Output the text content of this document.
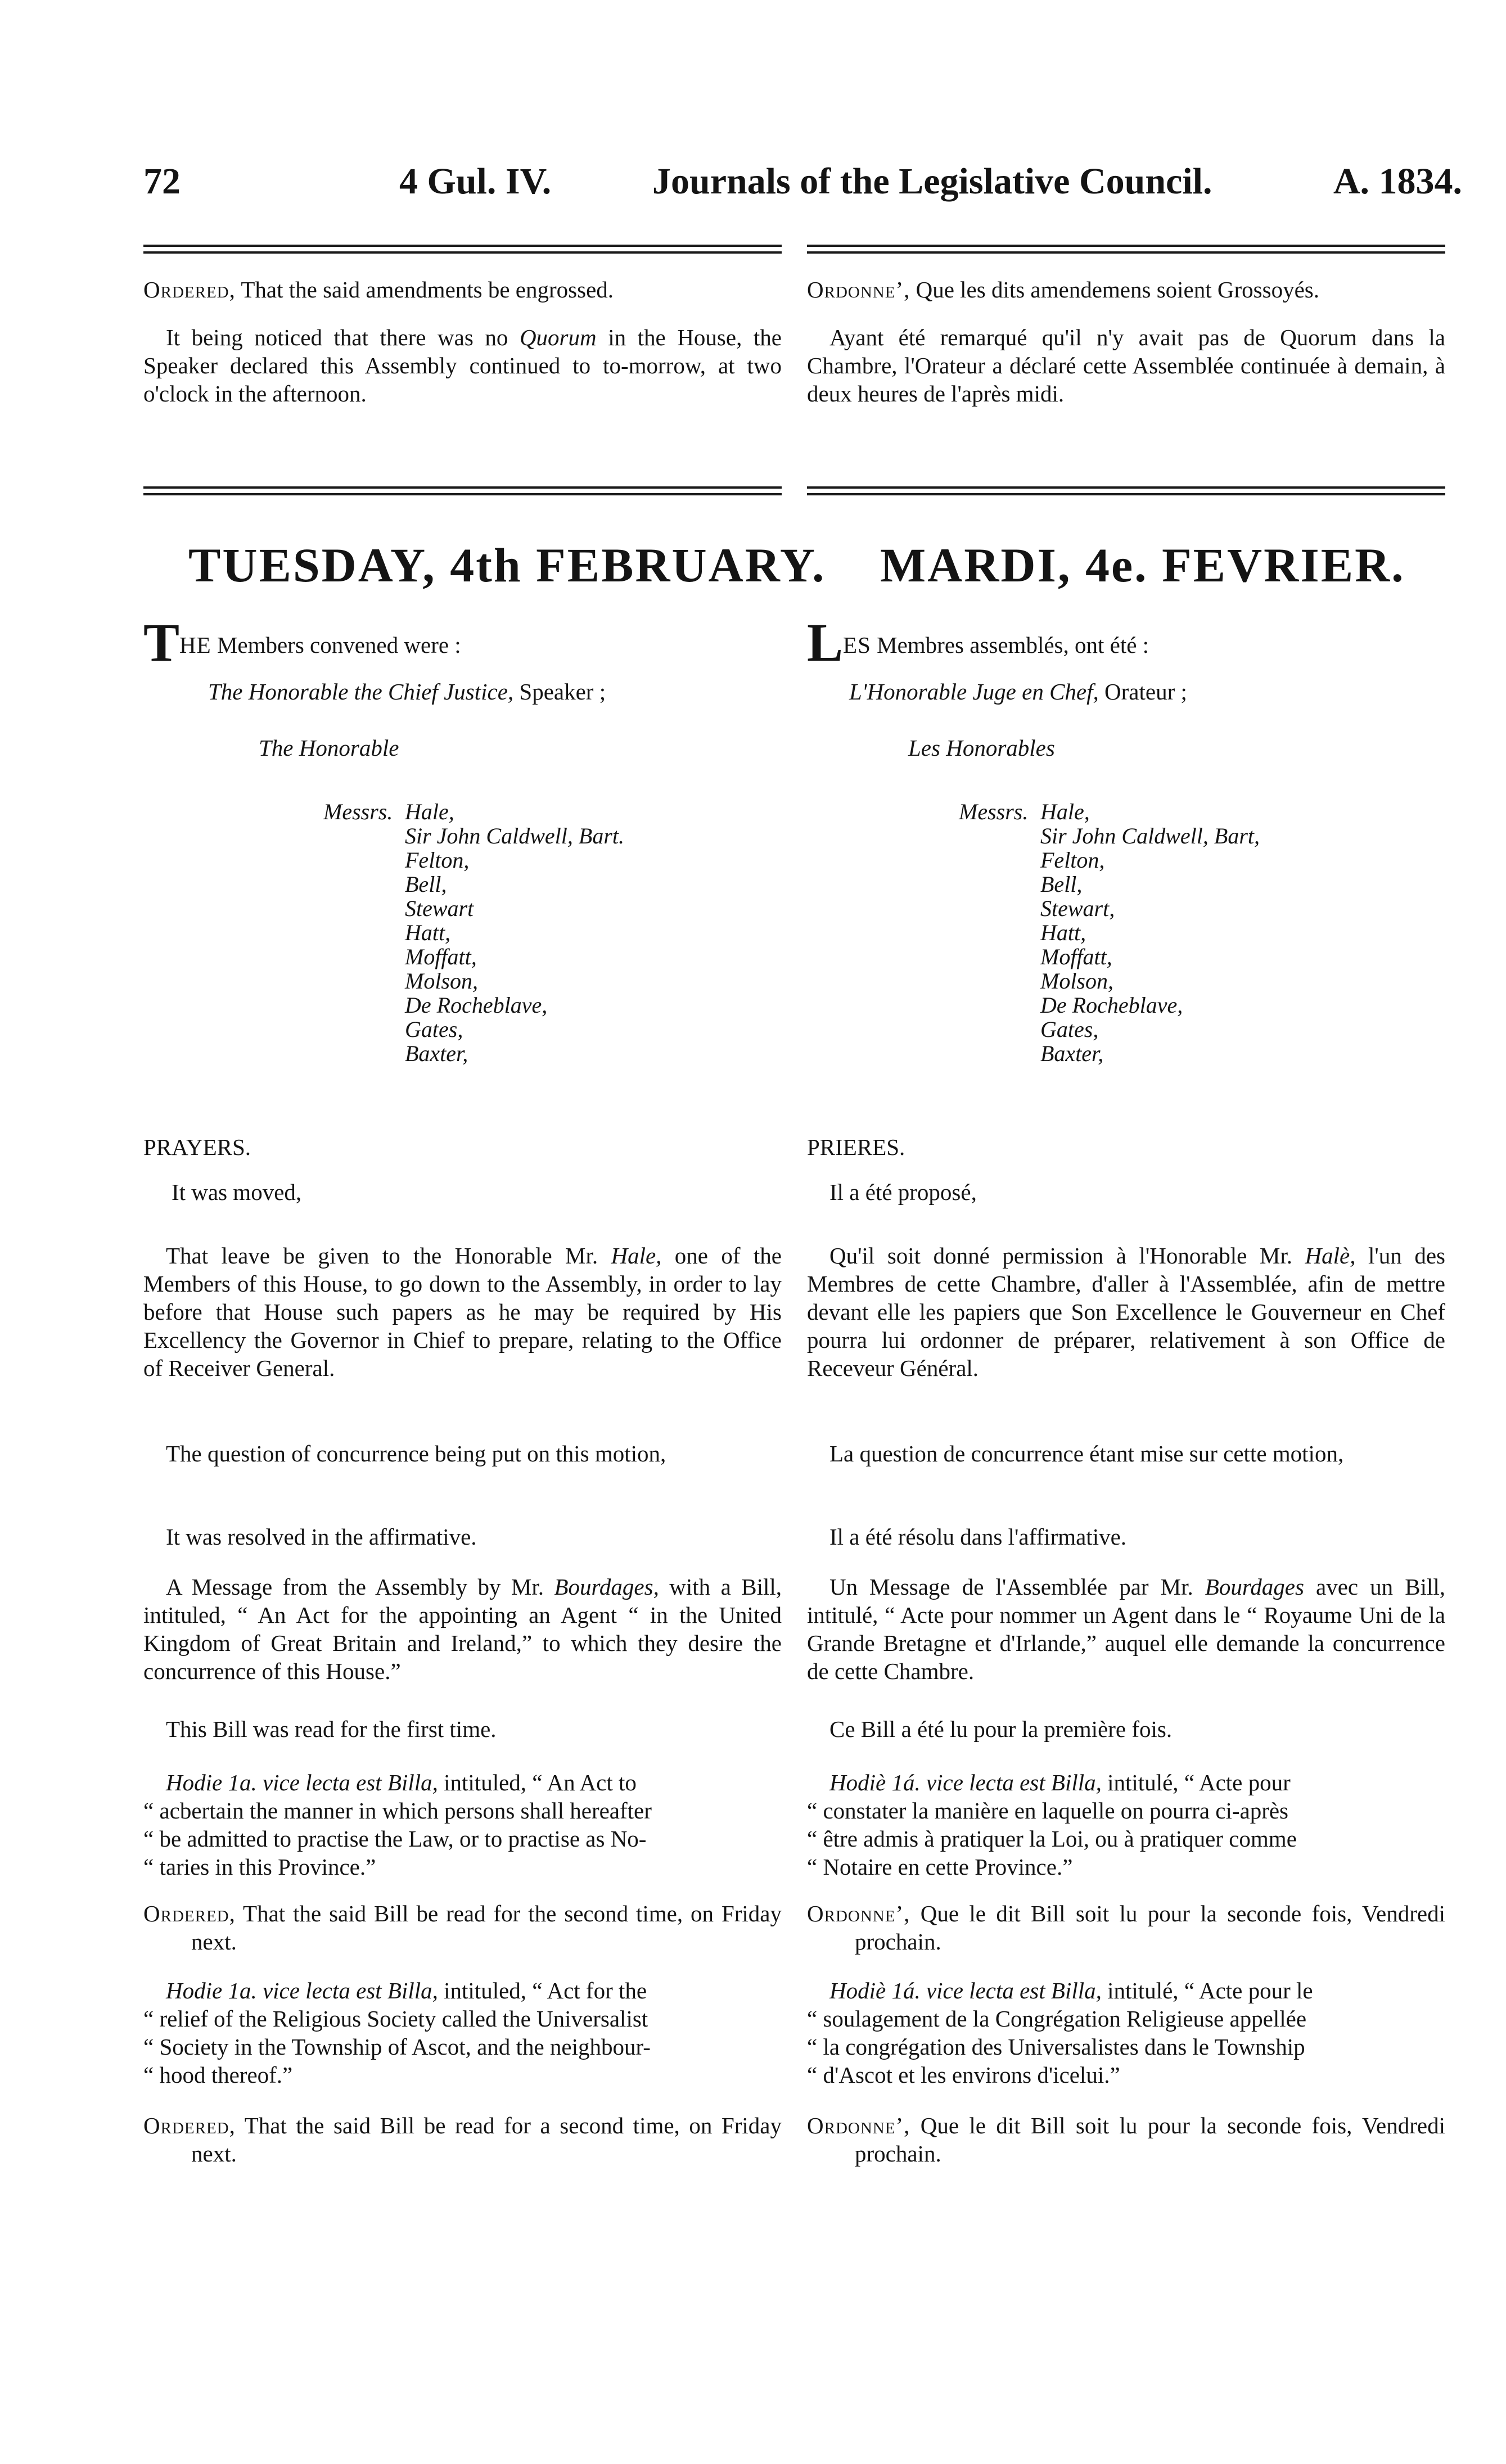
72	4 Gul. IV.	Journals of the Legislative Council.	A. 1834.

Ordered, That the said amendments be engrossed.

It being noticed that there was no Quorum in the House, the Speaker declared this Assembly continued to to-morrow, at two o'clock in the afternoon.

TUESDAY, 4th FEBRUARY.

THE Members convened were :

The Honorable the Chief Justice, Speaker ;

The Honorable
Messrs. Hale,
Sir John Caldwell, Bart.
Felton,
Bell,
Stewart
Hatt,
Moffatt,
Molson,
De Rocheblave,
Gates,
Baxter,
PRAYERS.
It was moved,

That leave be given to the Honorable Mr. Hale, one of the Members of this House, to go down to the Assembly, in order to lay before that House such papers as he may be required by His Excellency the Governor in Chief to prepare, relating to the Office of Receiver General.

The question of concurrence being put on this motion,

It was resolved in the affirmative.

A Message from the Assembly by Mr. Bourdages, with a Bill, intituled, “ An Act for the appointing an Agent “ in the United Kingdom of Great Britain and Ireland,” to which they desire the concurrence of this House.”

This Bill was read for the first time.

Hodie 1a. vice lecta est Billa, intituled, “ An Act to
“ acbertain the manner in which persons shall hereafter
“ be admitted to practise the Law, or to practise as No-
“ taries in this Province.”

Ordered, That the said Bill be read for the second time, on Friday next.

Hodie 1a. vice lecta est Billa, intituled, “ Act for the
“ relief of the Religious Society called the Universalist
“ Society in the Township of Ascot, and the neighbour-
“ hood thereof.”

Ordered, That the said Bill be read for a second time, on Friday next.

Ordonne’, Que les dits amendemens soient Grossoyés.

Ayant été remarqué qu'il n'y avait pas de Quorum dans la Chambre, l'Orateur a déclaré cette Assemblée continuée à demain, à deux heures de l'après midi.

MARDI, 4e. FEVRIER.

LES Membres assemblés, ont été :

L'Honorable Juge en Chef, Orateur ;

Les Honorables
Messrs. Hale,
Sir John Caldwell, Bart,
Felton,
Bell,
Stewart,
Hatt,
Moffatt,
Molson,
De Rocheblave,
Gates,
Baxter,
PRIERES.
Il a été proposé,

Qu'il soit donné permission à l'Honorable Mr. Halè, l'un des Membres de cette Chambre, d'aller à l'Assemblée, afin de mettre devant elle les papiers que Son Excellence le Gouverneur en Chef pourra lui ordonner de préparer, relativement à son Office de Receveur Général.

La question de concurrence étant mise sur cette motion,

Il a été résolu dans l'affirmative.

Un Message de l'Assemblée par Mr. Bourdages avec un Bill, intitulé, “ Acte pour nommer un Agent dans le “ Royaume Uni de la Grande Bretagne et d'Irlande,” auquel elle demande la concurrence de cette Chambre.

Ce Bill a été lu pour la première fois.

Hodiè 1á. vice lecta est Billa, intitulé, “ Acte pour
“ constater la manière en laquelle on pourra ci-après
“ être admis à pratiquer la Loi, ou à pratiquer comme
“ Notaire en cette Province.”

Ordonne’, Que le dit Bill soit lu pour la seconde fois, Vendredi prochain.

Hodiè 1á. vice lecta est Billa, intitulé, “ Acte pour le
“ soulagement de la Congrégation Religieuse appellée
“ la congrégation des Universalistes dans le Township
“ d'Ascot et les environs d'icelui.”

Ordonne’, Que le dit Bill soit lu pour la seconde fois, Vendredi prochain.
